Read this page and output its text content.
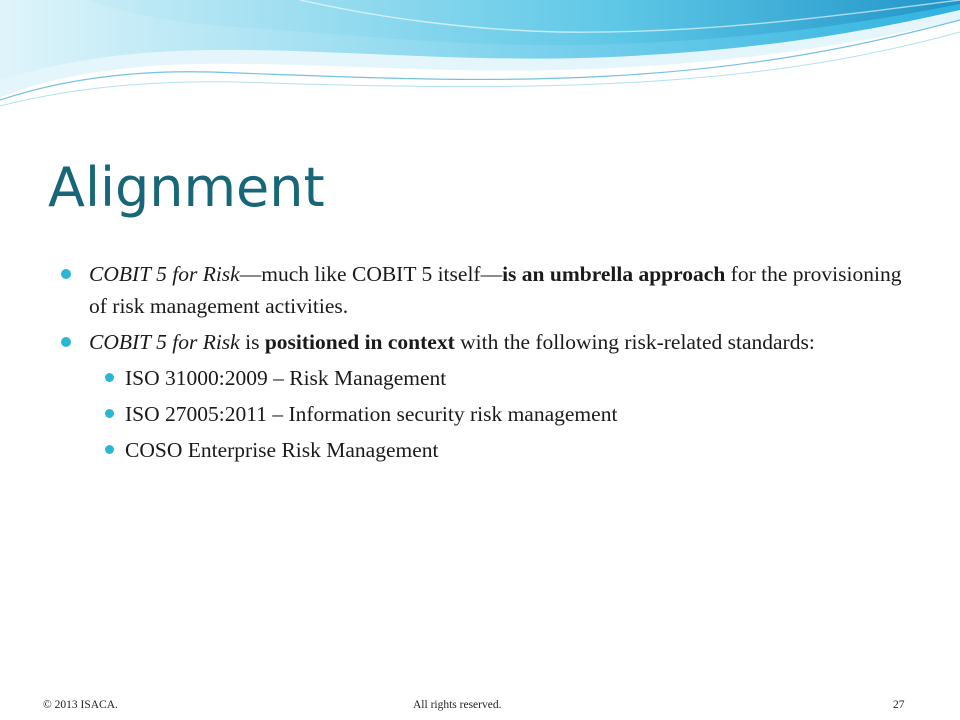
Alignment
COBIT 5 for Risk—much like COBIT 5 itself—is an umbrella approach for the provisioning of risk management activities.
COBIT 5 for Risk is positioned in context with the following risk-related standards:
ISO 31000:2009 – Risk Management
ISO 27005:2011 – Information security risk management
COSO Enterprise Risk Management
© 2013 ISACA.	All rights reserved.	27
